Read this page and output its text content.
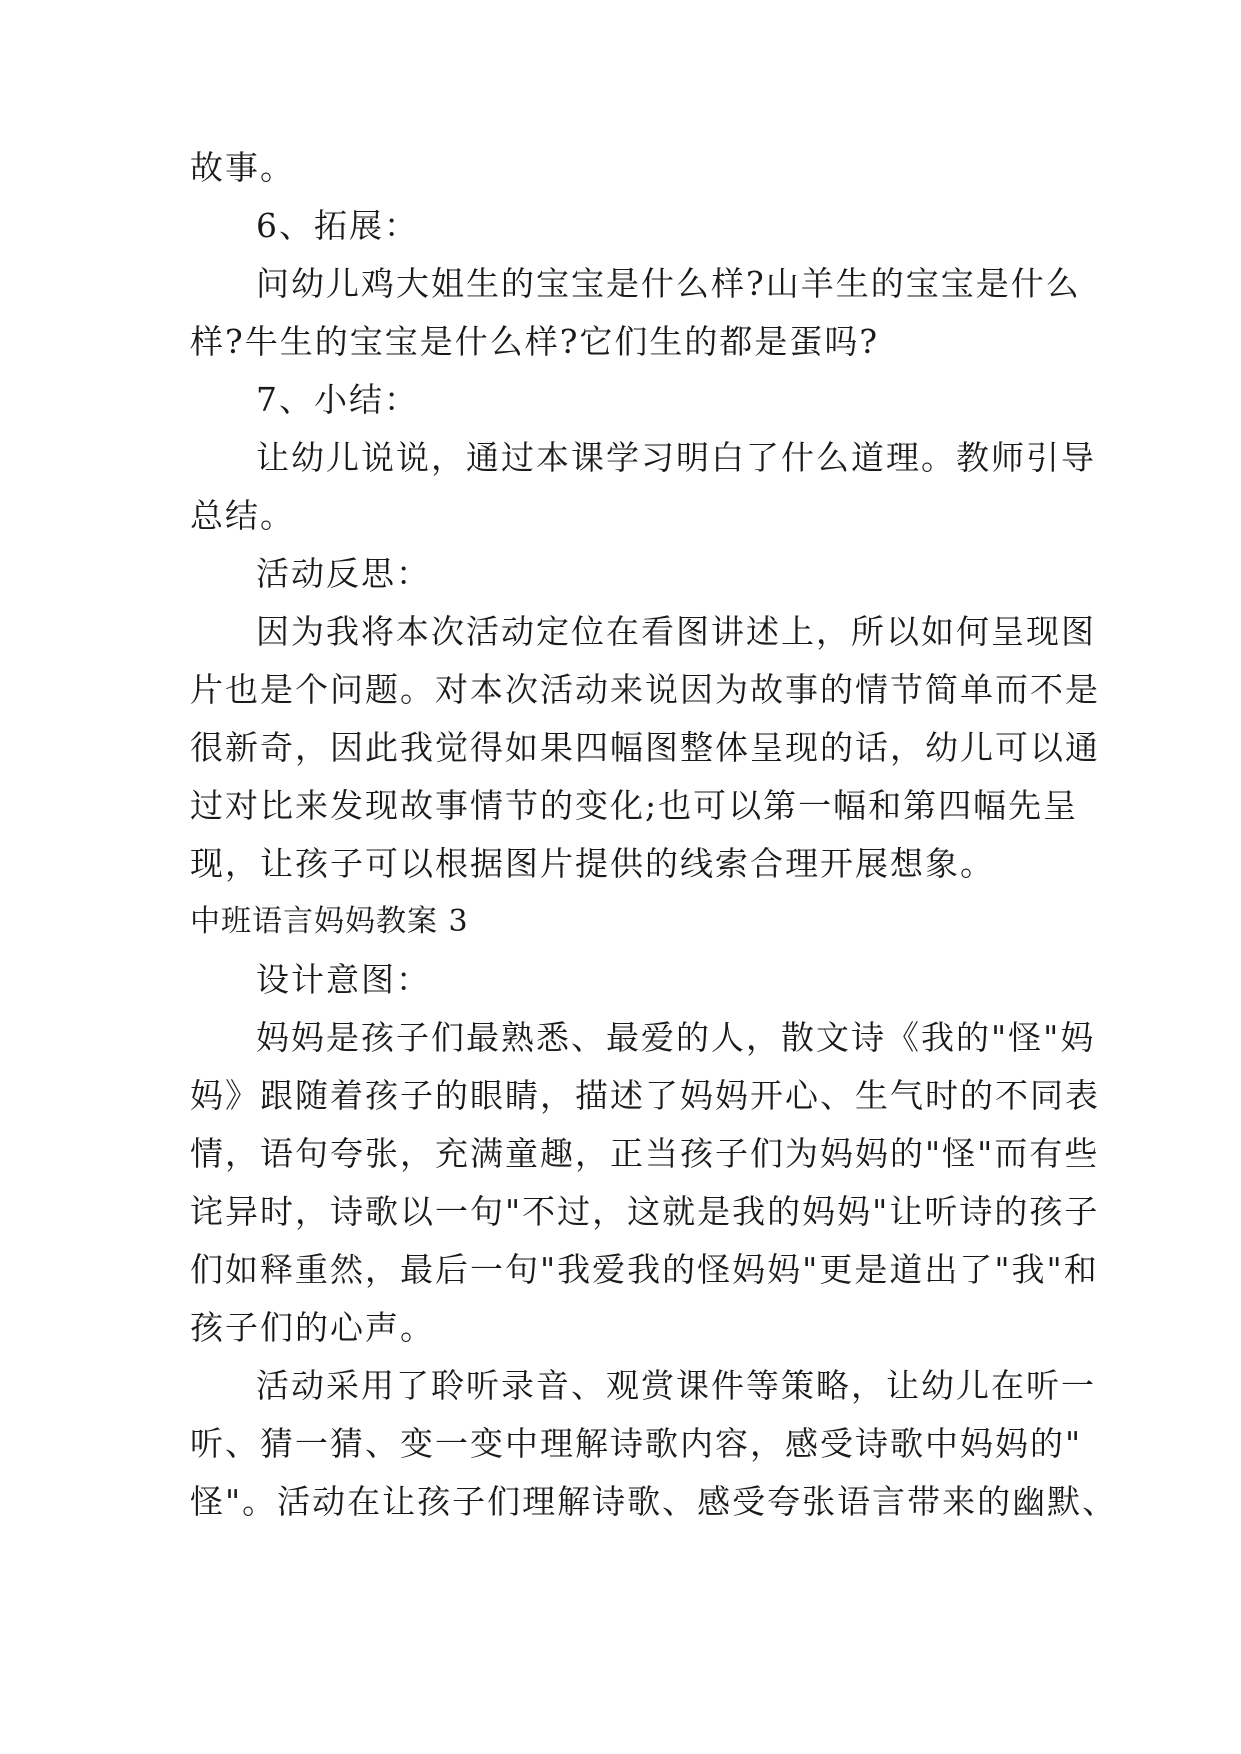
故事。
6、拓展：
问幼儿鸡大姐生的宝宝是什么样?山羊生的宝宝是什么
样?牛生的宝宝是什么样?它们生的都是蛋吗?
7、小结：
让幼儿说说，通过本课学习明白了什么道理。教师引导
总结。
活动反思：
因为我将本次活动定位在看图讲述上，所以如何呈现图
片也是个问题。对本次活动来说因为故事的情节简单而不是
很新奇，因此我觉得如果四幅图整体呈现的话，幼儿可以通
过对比来发现故事情节的变化;也可以第一幅和第四幅先呈
现，让孩子可以根据图片提供的线索合理开展想象。
中班语言妈妈教案 3
设计意图：
妈妈是孩子们最熟悉、最爱的人，散文诗《我的"怪"妈
妈》跟随着孩子的眼睛，描述了妈妈开心、生气时的不同表
情，语句夸张，充满童趣，正当孩子们为妈妈的"怪"而有些
诧异时，诗歌以一句"不过，这就是我的妈妈"让听诗的孩子
们如释重然，最后一句"我爱我的怪妈妈"更是道出了"我"和
孩子们的心声。
活动采用了聆听录音、观赏课件等策略，让幼儿在听一
听、猜一猜、变一变中理解诗歌内容，感受诗歌中妈妈的"
怪"。活动在让孩子们理解诗歌、感受夸张语言带来的幽默、
